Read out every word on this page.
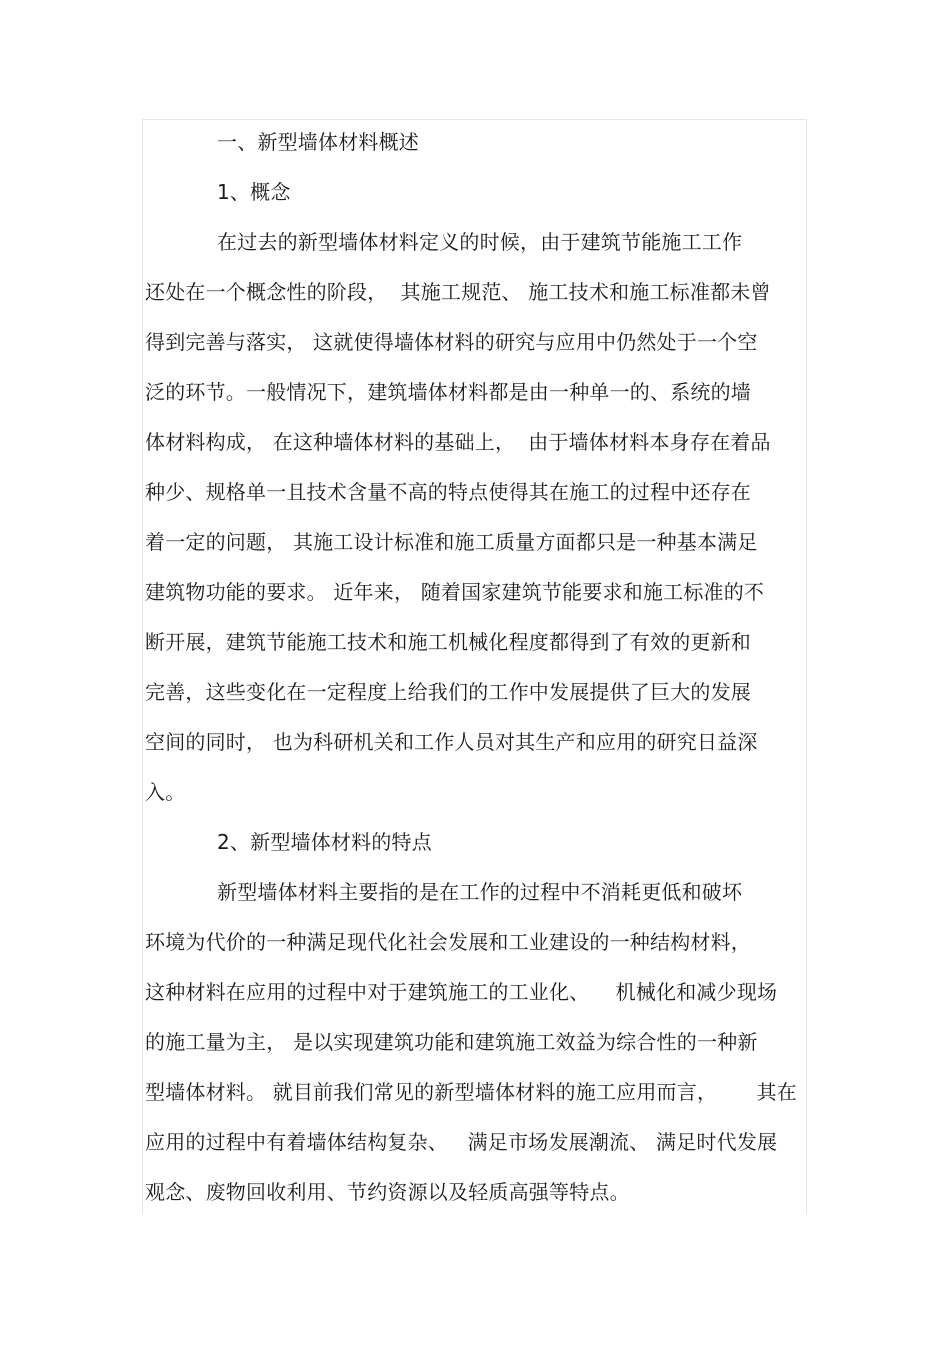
一、新型墙体材料概述
1、概念
在过去的新型墙体材料定义的时候，由于建筑节能施工工作
还处在一个概念性的阶段，  其施工规范、 施工技术和施工标准都未曾
得到完善与落实， 这就使得墙体材料的研究与应用中仍然处于一个空
泛的环节。一般情况下，建筑墙体材料都是由一种单一的、系统的墙
体材料构成， 在这种墙体材料的基础上，  由于墙体材料本身存在着品
种少、规格单一且技术含量不高的特点使得其在施工的过程中还存在
着一定的问题， 其施工设计标准和施工质量方面都只是一种基本满足
建筑物功能的要求。 近年来， 随着国家建筑节能要求和施工标准的不
断开展，建筑节能施工技术和施工机械化程度都得到了有效的更新和
完善，这些变化在一定程度上给我们的工作中发展提供了巨大的发展
空间的同时， 也为科研机关和工作人员对其生产和应用的研究日益深
入。
2、新型墙体材料的特点
新型墙体材料主要指的是在工作的过程中不消耗更低和破坏
环境为代价的一种满足现代化社会发展和工业建设的一种结构材料，
这种材料在应用的过程中对于建筑施工的工业化、    机械化和减少现场
的施工量为主， 是以实现建筑功能和建筑施工效益为综合性的一种新
型墙体材料。 就目前我们常见的新型墙体材料的施工应用而言，      其在
应用的过程中有着墙体结构复杂、   满足市场发展潮流、 满足时代发展
观念、废物回收利用、节约资源以及轻质高强等特点。
